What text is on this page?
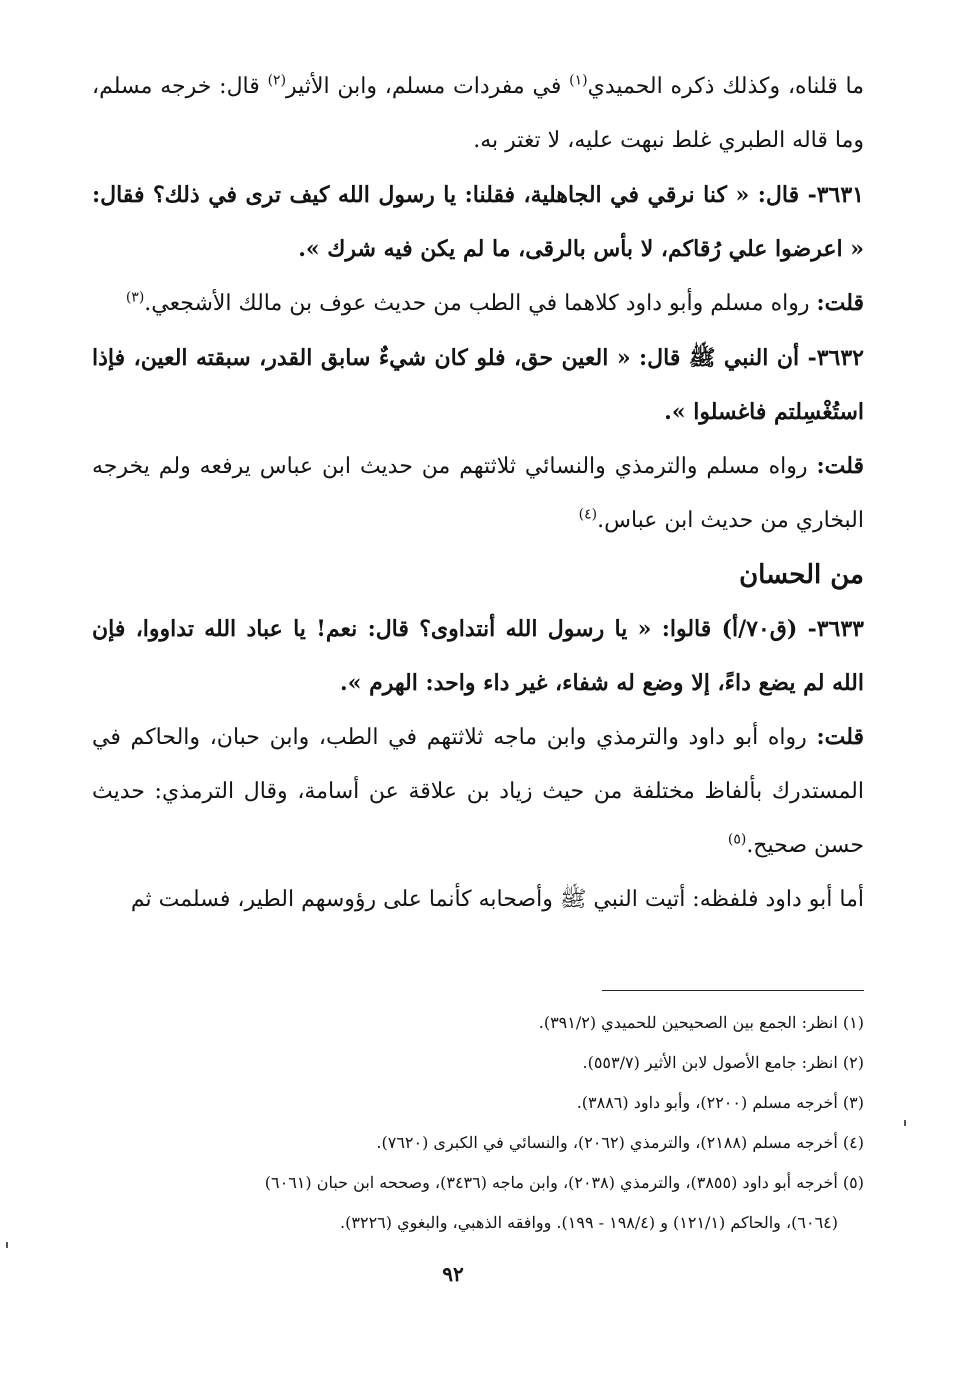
ما قلناه، وكذلك ذكره الحميدي$^{(١)}$ في مفردات مسلم، وابن الأثير$^{(٢)}$ قال: خرجه مسلم، وما قاله الطبري غلط نبهت عليه، لا تغتر به.

٣٦٣١- قال: « كنا نرقي في الجاهلية، فقلنا: يا رسول الله كيف ترى في ذلك؟ فقال: « اعرضوا علي رُقاكم، لا بأس بالرقى، ما لم يكن فيه شرك ».

قلت: رواه مسلم وأبو داود كلاهما في الطب من حديث عوف بن مالك الأشجعي.$^{(٣)}$

٣٦٣٢- أن النبي ﷺ قال: « العين حق، فلو كان شيءٌ سابق القدر، سبقته العين، فإذا استُغْسِلتم فاغسلوا ».

قلت: رواه مسلم والترمذي والنسائي ثلاثتهم من حديث ابن عباس يرفعه ولم يخرجه البخاري من حديث ابن عباس.$^{(٤)}$

من الحسان

٣٦٣٣- (ق٧٠/أ) قالوا: « يا رسول الله أنتداوى؟ قال: نعم! يا عباد الله تداووا، فإن الله لم يضع داءً، إلا وضع له شفاء، غير داء واحد: الهرم ».

قلت: رواه أبو داود والترمذي وابن ماجه ثلاثتهم في الطب، وابن حبان، والحاكم في المستدرك بألفاظ مختلفة من حيث زياد بن علاقة عن أسامة، وقال الترمذي: حديث حسن صحيح.$^{(٥)}$

أما أبو داود فلفظه: أتيت النبي ﷺ وأصحابه كأنما على رؤوسهم الطير، فسلمت ثم

(١) انظر: الجمع بين الصحيحين للحميدي (٣٩١/٢).

(٢) انظر: جامع الأصول لابن الأثير (٥٥٣/٧).

(٣) أخرجه مسلم (٢٢٠٠)، وأبو داود (٣٨٨٦).

(٤) أخرجه مسلم (٢١٨٨)، والترمذي (٢٠٦٢)، والنسائي في الكبرى (٧٦٢٠).

(٥) أخرجه أبو داود (٣٨٥٥)، والترمذي (٢٠٣٨)، وابن ماجه (٣٤٣٦)، وصححه ابن حبان (٦٠٦١)

(٦٠٦٤)، والحاكم (١٢١/١) و (١٩٨/٤ - ١٩٩). ووافقه الذهبي، والبغوي (٣٢٢٦).

٩٢
